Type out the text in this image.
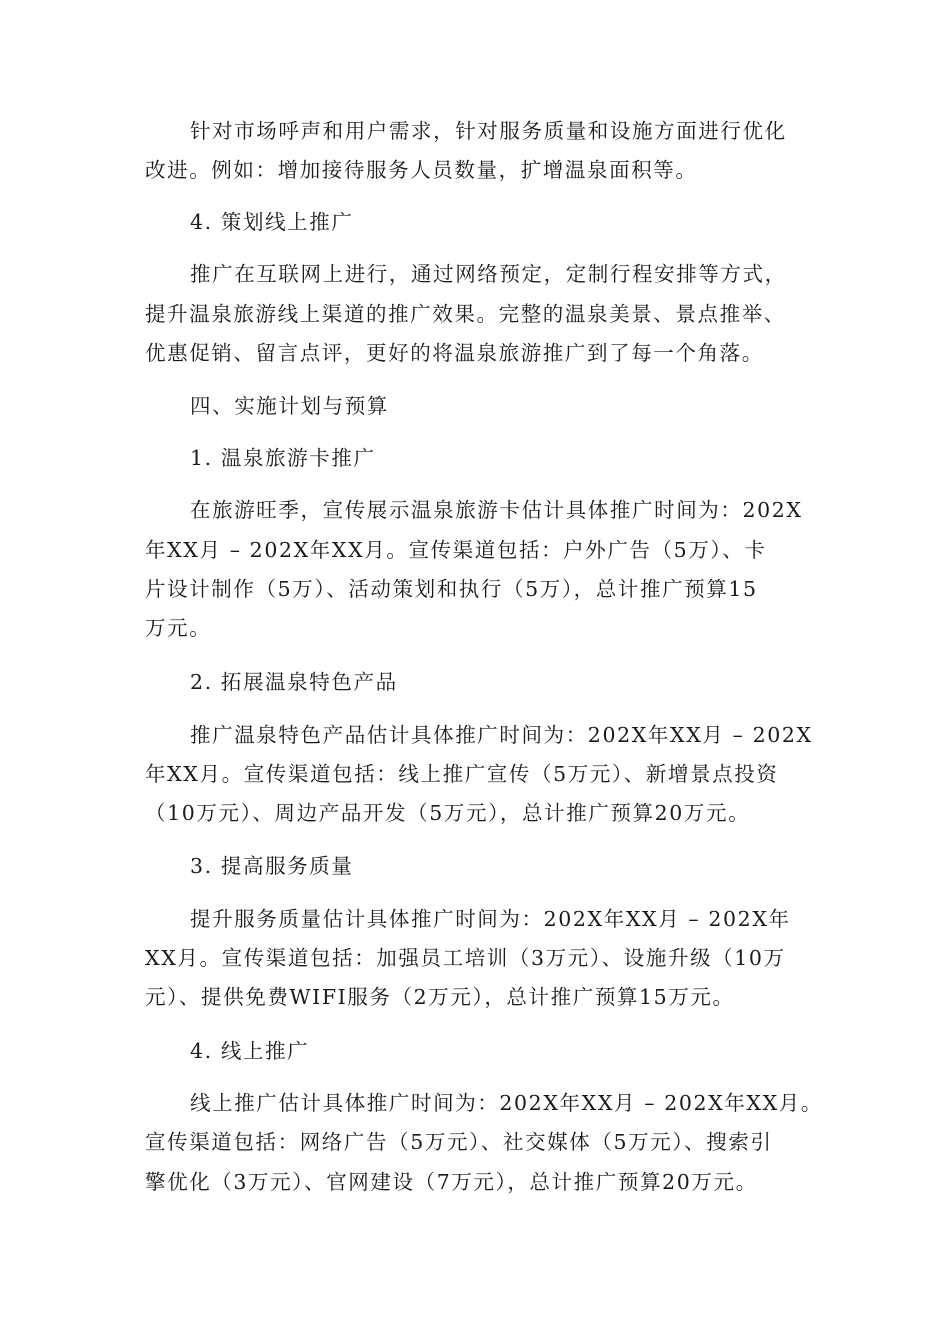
针对市场呼声和用户需求，针对服务质量和设施方面进行优化
改进。例如：增加接待服务人员数量，扩增温泉面积等。
4. 策划线上推广
推广在互联网上进行，通过网络预定，定制行程安排等方式，
提升温泉旅游线上渠道的推广效果。完整的温泉美景、景点推举、
优惠促销、留言点评，更好的将温泉旅游推广到了每一个角落。
四、实施计划与预算
1. 温泉旅游卡推广
在旅游旺季，宣传展示温泉旅游卡估计具体推广时间为：202X
年XX月 – 202X年XX月。宣传渠道包括：户外广告（5万）、卡
片设计制作（5万）、活动策划和执行（5万），总计推广预算15
万元。
2. 拓展温泉特色产品
推广温泉特色产品估计具体推广时间为：202X年XX月 – 202X
年XX月。宣传渠道包括：线上推广宣传（5万元）、新增景点投资
（10万元）、周边产品开发（5万元），总计推广预算20万元。
3. 提高服务质量
提升服务质量估计具体推广时间为：202X年XX月 – 202X年
XX月。宣传渠道包括：加强员工培训（3万元）、设施升级（10万
元）、提供免费WIFI服务（2万元），总计推广预算15万元。
4. 线上推广
线上推广估计具体推广时间为：202X年XX月 – 202X年XX月。
宣传渠道包括：网络广告（5万元）、社交媒体（5万元）、搜索引
擎优化（3万元）、官网建设（7万元），总计推广预算20万元。
